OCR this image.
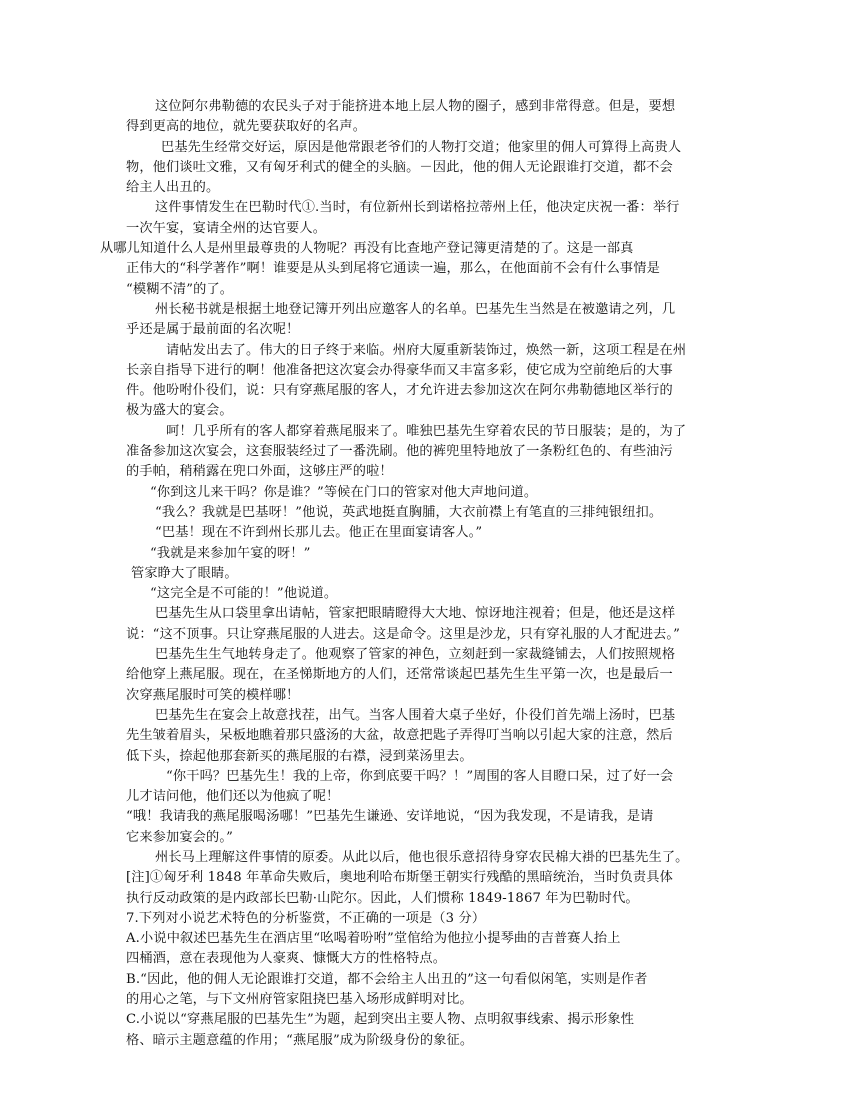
这位阿尔弗勒德的农民头子对于能挤进本地上层人物的圈子，感到非常得意。但是，要想
得到更高的地位，就先要获取好的名声。
巴基先生经常交好运，原因是他常跟老爷们的人物打交道；他家里的佣人可算得上高贵人
物，他们谈吐文雅，又有匈牙利式的健全的头脑。－因此，他的佣人无论跟谁打交道，都不会
给主人出丑的。
这件事情发生在巴勒时代①.当时，有位新州长到诺格拉蒂州上任，他决定庆祝一番：举行
一次午宴，宴请全州的达官要人。
从哪儿知道什么人是州里最尊贵的人物呢？再没有比查地产登记簿更清楚的了。这是一部真
正伟大的“科学著作”啊！谁要是从头到尾将它通读一遍，那么，在他面前不会有什么事情是
“模糊不清”的了。
州长秘书就是根据土地登记簿开列出应邀客人的名单。巴基先生当然是在被邀请之列，几
乎还是属于最前面的名次呢！
请帖发出去了。伟大的日子终于来临。州府大厦重新装饰过，焕然一新，这项工程是在州
长亲自指导下进行的啊！他准备把这次宴会办得豪华而又丰富多彩，使它成为空前绝后的大事
件。他吩咐仆役们，说：只有穿燕尾服的客人，才允许进去参加这次在阿尔弗勒德地区举行的
极为盛大的宴会。
呵！几乎所有的客人都穿着燕尾服来了。唯独巴基先生穿着农民的节日服装；是的，为了
准备参加这次宴会，这套服装经过了一番洗刷。他的裤兜里特地放了一条粉红色的、有些油污
的手帕，稍稍露在兜口外面，这够庄严的啦！
“你到这儿来干吗？你是谁？”等候在门口的管家对他大声地问道。
“我么？我就是巴基呀！”他说，英武地挺直胸脯，大衣前襟上有笔直的三排纯银纽扣。
“巴基！现在不许到州长那儿去。他正在里面宴请客人。”
“我就是来参加午宴的呀！”
管家睁大了眼睛。
“这完全是不可能的！”他说道。
巴基先生从口袋里拿出请帖，管家把眼睛瞪得大大地、惊讶地注视着；但是，他还是这样
说：“这不顶事。只让穿燕尾服的人进去。这是命令。这里是沙龙，只有穿礼服的人才配进去。”
巴基先生生气地转身走了。他观察了管家的神色，立刻赶到一家裁缝铺去，人们按照规格
给他穿上燕尾服。现在，在圣悌斯地方的人们，还常常谈起巴基先生生平第一次，也是最后一
次穿燕尾服时可笑的模样哪！
巴基先生在宴会上故意找茬，出气。当客人围着大桌子坐好，仆役们首先端上汤时，巴基
先生皱着眉头，呆板地瞧着那只盛汤的大盆，故意把匙子弄得叮当响以引起大家的注意，然后
低下头，捺起他那套新买的燕尾服的右襟，浸到菜汤里去。
“你干吗？巴基先生！我的上帝，你到底要干吗？！”周围的客人目瞪口呆，过了好一会
儿才诘问他，他们还以为他疯了呢！
“哦！我请我的燕尾服喝汤哪！”巴基先生谦逊、安详地说，“因为我发现，不是请我，是请
它来参加宴会的。”
州长马上理解这件事情的原委。从此以后，他也很乐意招待身穿农民棉大褂的巴基先生了。
[注]①匈牙利 1848 年革命失败后，奥地利哈布斯堡王朝实行残酷的黑暗统治，当时负责具体
执行反动政策的是内政部长巴勒·山陀尔。因此，人们惯称 1849-1867 年为巴勒时代。
7.下列对小说艺术特色的分析鉴赏，不正确的一项是（3 分）
A.小说中叙述巴基先生在酒店里“吆喝着吩咐”堂倌给为他拉小提琴曲的吉普赛人抬上
四桶酒，意在表现他为人豪爽、慷慨大方的性格特点。
B.“因此，他的佣人无论跟谁打交道，都不会给主人出丑的”这一句看似闲笔，实则是作者
的用心之笔，与下文州府管家阻挠巴基入场形成鲜明对比。
C.小说以“穿燕尾服的巴基先生”为题，起到突出主要人物、点明叙事线索、揭示形象性
格、暗示主题意蕴的作用；“燕尾服”成为阶级身份的象征。
